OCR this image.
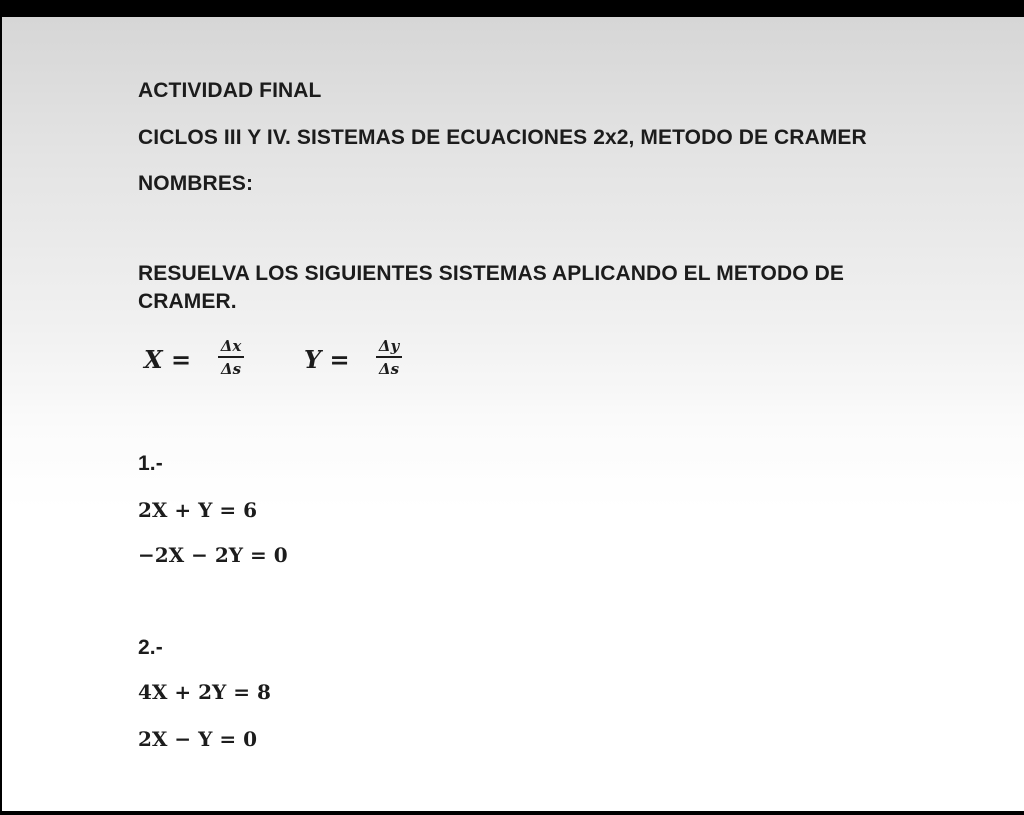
ACTIVIDAD FINAL
CICLOS III Y IV. SISTEMAS DE ECUACIONES 2x2, METODO DE CRAMER
NOMBRES:
RESUELVA LOS SIGUIENTES SISTEMAS APLICANDO EL METODO DE
CRAMER.
X = Δx
Δs	Y = Δy
Δs
1.-
2X + Y = 6
−2X − 2Y = 0
2.-
4X + 2Y = 8
2X − Y = 0
